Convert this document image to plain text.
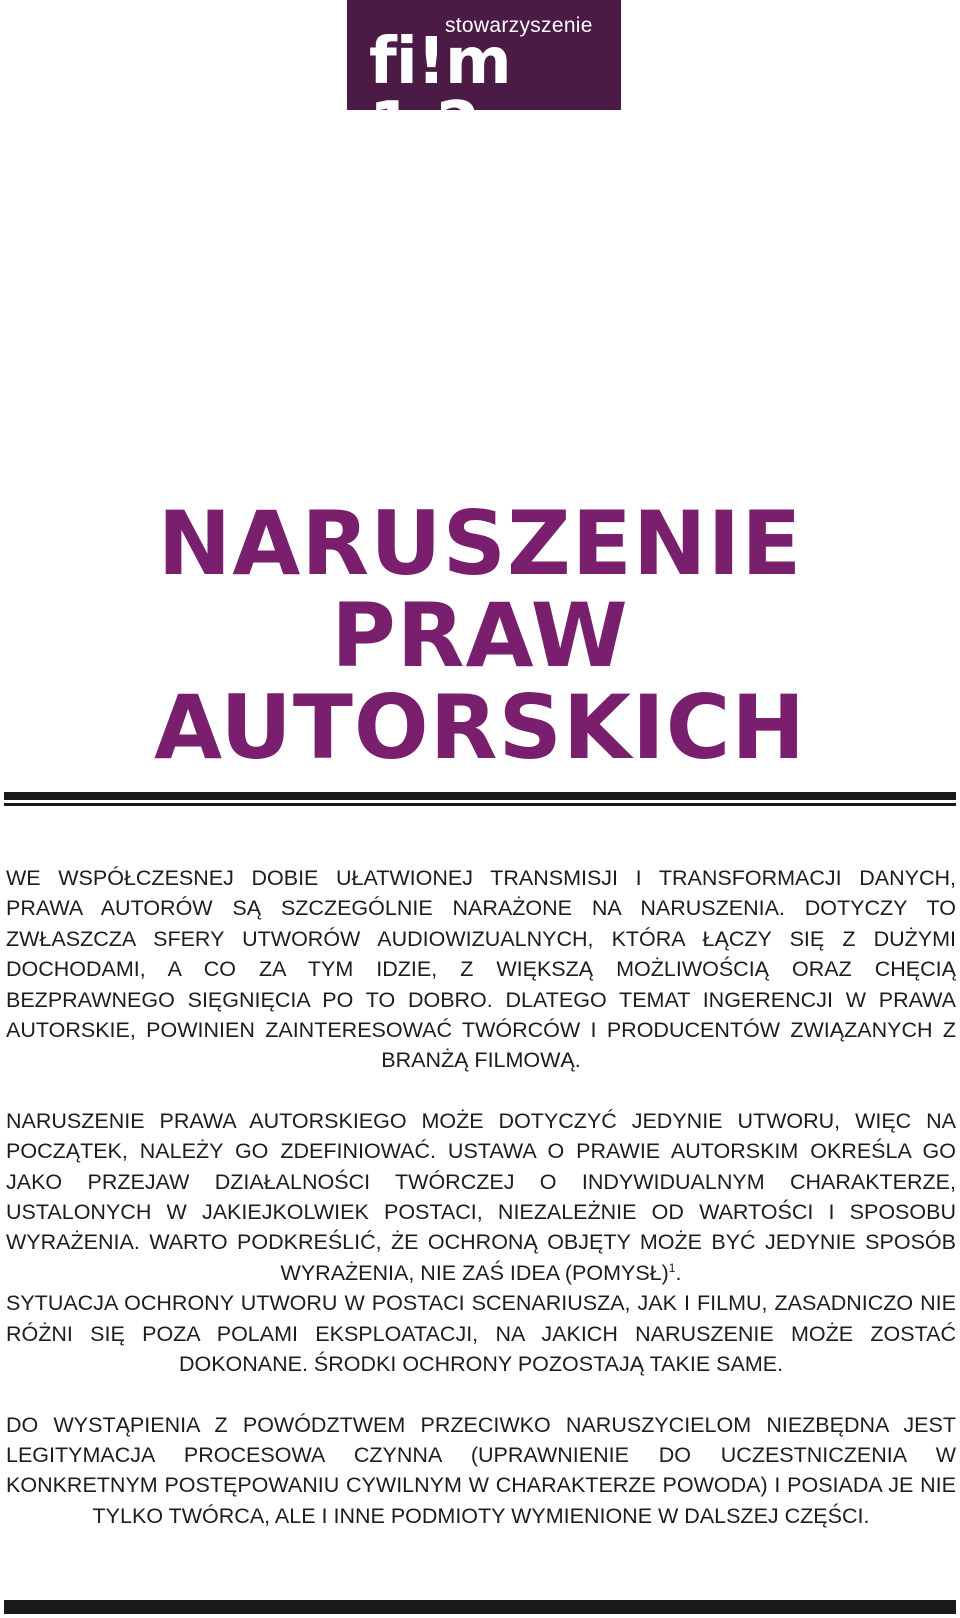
stowarzyszenie
fi!m 1,2
NARUSZENIE
PRAW
AUTORSKICH

WE WSPÓŁCZESNEJ DOBIE UŁATWIONEJ TRANSMISJI I TRANSFORMACJI DANYCH, PRAWA AUTORÓW SĄ SZCZEGÓLNIE NARAŻONE NA NARUSZENIA. DOTYCZY TO ZWŁASZCZA SFERY UTWORÓW AUDIOWIZUALNYCH, KTÓRA ŁĄCZY SIĘ Z DUŻYMI DOCHODAMI, A CO ZA TYM IDZIE, Z WIĘKSZĄ MOŻLIWOŚCIĄ ORAZ CHĘCIĄ BEZPRAWNEGO SIĘGNIĘCIA PO TO DOBRO. DLATEGO TEMAT INGERENCJI W PRAWA AUTORSKIE, POWINIEN ZAINTERESOWAĆ TWÓRCÓW I PRODUCENTÓW ZWIĄZANYCH Z BRANŻĄ FILMOWĄ.

NARUSZENIE PRAWA AUTORSKIEGO MOŻE DOTYCZYĆ JEDYNIE UTWORU, WIĘC NA POCZĄTEK, NALEŻY GO ZDEFINIOWAĆ. USTAWA O PRAWIE AUTORSKIM OKREŚLA GO JAKO PRZEJAW DZIAŁALNOŚCI TWÓRCZEJ O INDYWIDUALNYM CHARAKTERZE, USTALONYCH W JAKIEJKOLWIEK POSTACI, NIEZALEŻNIE OD WARTOŚCI I SPOSOBU WYRAŻENIA. WARTO PODKREŚLIĆ, ŻE OCHRONĄ OBJĘTY MOŻE BYĆ JEDYNIE SPOSÓB WYRAŻENIA, NIE ZAŚ IDEA (POMYSŁ)$^1$.

SYTUACJA OCHRONY UTWORU W POSTACI SCENARIUSZA, JAK I FILMU, ZASADNICZO NIE RÓŻNI SIĘ POZA POLAMI EKSPLOATACJI, NA JAKICH NARUSZENIE MOŻE ZOSTAĆ DOKONANE. ŚRODKI OCHRONY POZOSTAJĄ TAKIE SAME.

DO WYSTĄPIENIA Z POWÓDZTWEM PRZECIWKO NARUSZYCIELOM NIEZBĘDNA JEST LEGITYMACJA PROCESOWA CZYNNA (UPRAWNIENIE DO UCZESTNICZENIA W KONKRETNYM POSTĘPOWANIU CYWILNYM W CHARAKTERZE POWODA) I POSIADA JE NIE TYLKO TWÓRCA, ALE I INNE PODMIOTY WYMIENIONE W DALSZEJ CZĘŚCI.
